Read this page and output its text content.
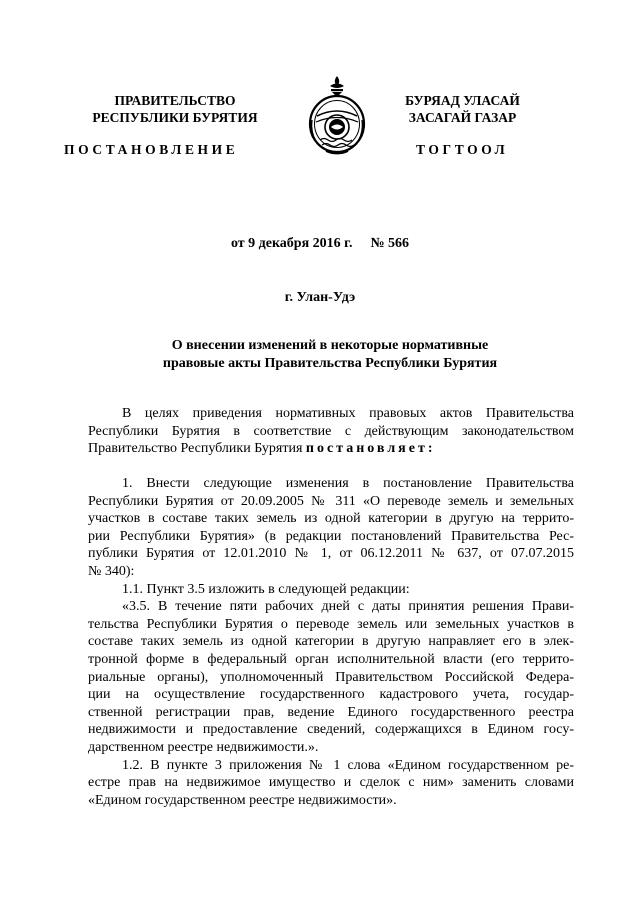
ПРАВИТЕЛЬСТВО
РЕСПУБЛИКИ БУРЯТИЯ
БУРЯАД УЛАСАЙ
ЗАСАГАЙ ГАЗАР
ПОСТАНОВЛЕНИЕ	ТОГТООЛ
от 9 декабря 2016 г. № 566
г. Улан-Удэ
О внесении изменений в некоторые нормативные
правовые акты Правительства Республики Бурятия
В целях приведения нормативных правовых актов Правительства
Республики Бурятия в соответствие с действующим законодательством
Правительство Республики Бурятия постановляет:
1. Внести следующие изменения в постановление Правительства
Республики Бурятия от 20.09.2005 № 311 «О переводе земель и земельных
участков в составе таких земель из одной категории в другую на террито-
рии Республики Бурятия» (в редакции постановлений Правительства Рес-
публики Бурятия от 12.01.2010 № 1, от 06.12.2011 № 637, от 07.07.2015
№ 340):
1.1. Пункт 3.5 изложить в следующей редакции:
«3.5. В течение пяти рабочих дней с даты принятия решения Прави-
тельства Республики Бурятия о переводе земель или земельных участков в
составе таких земель из одной категории в другую направляет его в элек-
тронной форме в федеральный орган исполнительной власти (его террито-
риальные органы), уполномоченный Правительством Российской Федера-
ции на осуществление государственного кадастрового учета, государ-
ственной регистрации прав, ведение Единого государственного реестра
недвижимости и предоставление сведений, содержащихся в Едином госу-
дарственном реестре недвижимости.».
1.2. В пункте 3 приложения № 1 слова «Едином государственном ре-
естре прав на недвижимое имущество и сделок с ним» заменить словами
«Едином государственном реестре недвижимости».
